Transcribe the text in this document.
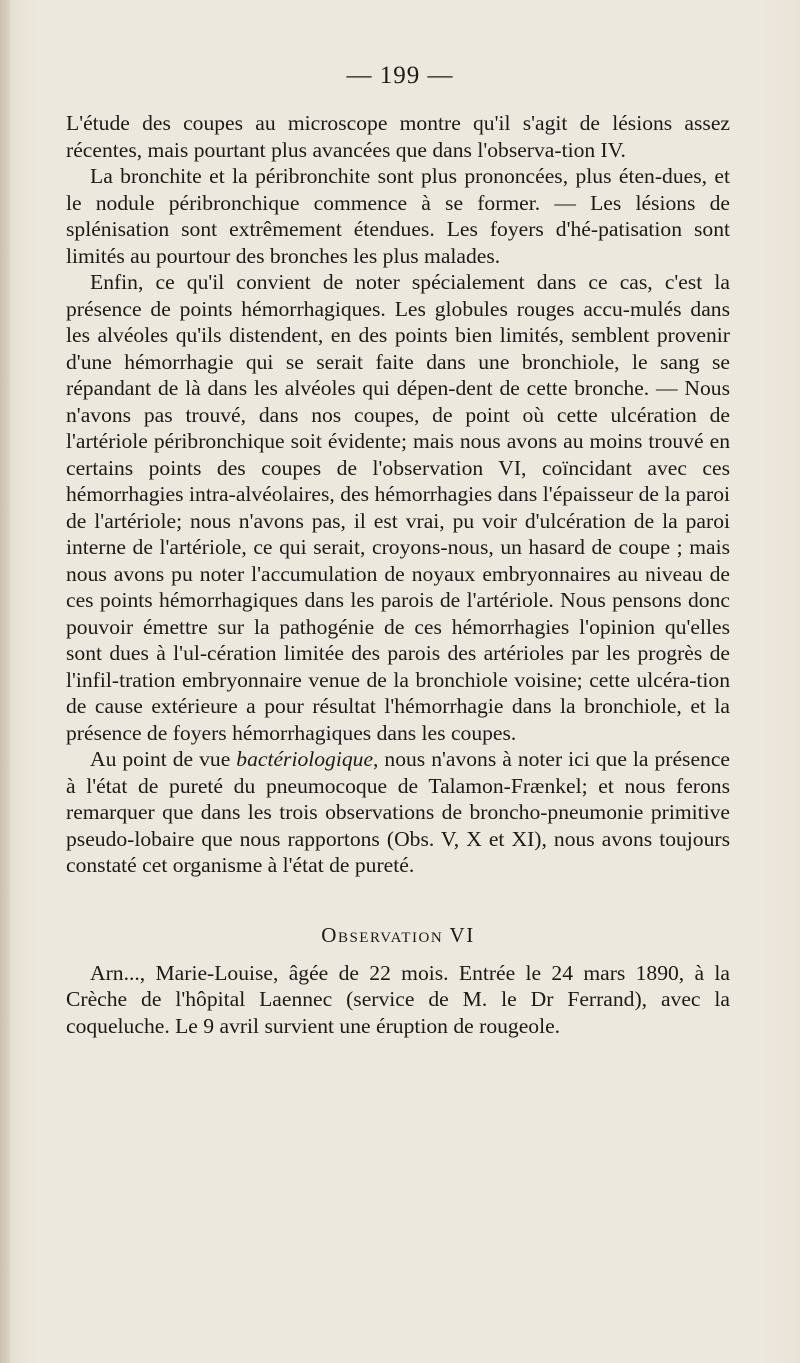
— 199 —

L'étude des coupes au microscope montre qu'il s'agit de lésions assez récentes, mais pourtant plus avancées que dans l'observa-tion IV.

La bronchite et la péribronchite sont plus prononcées, plus éten-dues, et le nodule péribronchique commence à se former. — Les lésions de splénisation sont extrêmement étendues. Les foyers d'hé-patisation sont limités au pourtour des bronches les plus malades.

Enfin, ce qu'il convient de noter spécialement dans ce cas, c'est la présence de points hémorrhagiques. Les globules rouges accu-mulés dans les alvéoles qu'ils distendent, en des points bien limités, semblent provenir d'une hémorrhagie qui se serait faite dans une bronchiole, le sang se répandant de là dans les alvéoles qui dépen-dent de cette bronche. — Nous n'avons pas trouvé, dans nos coupes, de point où cette ulcération de l'artériole péribronchique soit évidente; mais nous avons au moins trouvé en certains points des coupes de l'observation VI, coïncidant avec ces hémorrhagies intra-alvéolaires, des hémorrhagies dans l'épaisseur de la paroi de l'artériole; nous n'avons pas, il est vrai, pu voir d'ulcération de la paroi interne de l'artériole, ce qui serait, croyons-nous, un hasard de coupe ; mais nous avons pu noter l'accumulation de noyaux embryonnaires au niveau de ces points hémorrhagiques dans les parois de l'artériole. Nous pensons donc pouvoir émettre sur la pathogénie de ces hémorrhagies l'opinion qu'elles sont dues à l'ul-cération limitée des parois des artérioles par les progrès de l'infil-tration embryonnaire venue de la bronchiole voisine; cette ulcéra-tion de cause extérieure a pour résultat l'hémorrhagie dans la bronchiole, et la présence de foyers hémorrhagiques dans les coupes.

Au point de vue bactériologique, nous n'avons à noter ici que la présence à l'état de pureté du pneumocoque de Talamon-Frænkel; et nous ferons remarquer que dans les trois observations de broncho-pneumonie primitive pseudo-lobaire que nous rapportons (Obs. V, X et XI), nous avons toujours constaté cet organisme à l'état de pureté.

Observation VI

Arn..., Marie-Louise, âgée de 22 mois. Entrée le 24 mars 1890, à la Crèche de l'hôpital Laennec (service de M. le Dr Ferrand), avec la coqueluche. Le 9 avril survient une éruption de rougeole.
